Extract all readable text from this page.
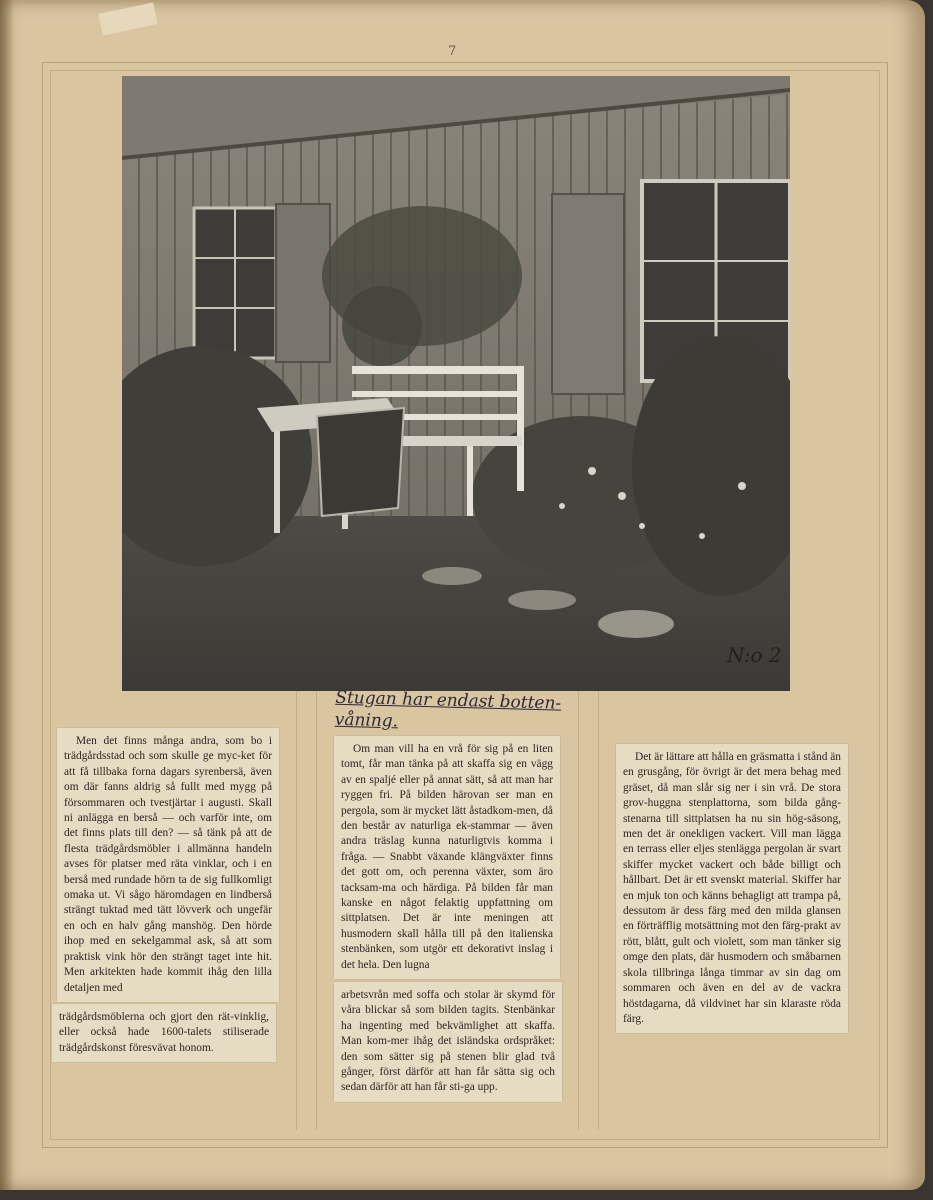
7
N:o 2
Stugan har endast botten-
våning.

Men det finns många andra, som bo i trädgårdsstad och som skulle ge myc-ket för att få tillbaka forna dagars syrenbersä, även om där fanns aldrig så fullt med mygg på försommaren och tvestjärtar i augusti. Skall ni anlägga en berså — och varför inte, om det finns plats till den? — så tänk på att de flesta trädgårdsmöbler i allmänna handeln avses för platser med räta vinklar, och i en berså med rundade hörn ta de sig fullkomligt omaka ut. Vi sågo häromdagen en lindberså strängt tuktad med tätt lövverk och ungefär en och en halv gång manshög. Den hörde ihop med en sekelgammal ask, så att som praktisk vink hör den strängt taget inte hit. Men arkitekten hade kommit ihåg den lilla detaljen med

trädgårdsmöblerna och gjort den rät-vinklig, eller också hade 1600-talets stiliserade trädgårdskonst föresvävat honom.

Om man vill ha en vrå för sig på en liten tomt, får man tänka på att skaffa sig en vägg av en spaljé eller på annat sätt, så att man har ryggen fri. På bilden härovan ser man en pergola, som är mycket lätt åstadkom-men, då den består av naturliga ek-stammar — även andra träslag kunna naturligtvis komma i fråga. — Snabbt växande klängväxter finns det gott om, och perenna växter, som äro tacksam-ma och härdiga. På bilden får man kanske en något felaktig uppfattning om sittplatsen. Det är inte meningen att husmodern skall hålla till på den italienska stenbänken, som utgör ett dekorativt inslag i det hela. Den lugna

arbetsvrån med soffa och stolar är skymd för våra blickar så som bilden tagits. Stenbänkar ha ingenting med bekvämlighet att skaffa. Man kom-mer ihåg det isländska ordspråket: den som sätter sig på stenen blir glad två gånger, först därför att han får sätta sig och sedan därför att han får sti-ga upp.

Det är lättare att hålla en gräsmatta i stånd än en grusgång, för övrigt är det mera behag med gräset, då man slår sig ner i sin vrå. De stora grov-huggna stenplattorna, som bilda gång-stenarna till sittplatsen ha nu sin hög-säsong, men det är onekligen vackert. Vill man lägga en terrass eller eljes stenlägga pergolan är svart skiffer mycket vackert och både billigt och hållbart. Det är ett svenskt material. Skiffer har en mjuk ton och känns behagligt att trampa på, dessutom är dess färg med den milda glansen en förträfflig motsättning mot den färg-prakt av rött, blått, gult och violett, som man tänker sig omge den plats, där husmodern och småbarnen skola tillbringa långa timmar av sin dag om sommaren och även en del av de vackra höstdagarna, då vildvinet har sin klaraste röda färg.
